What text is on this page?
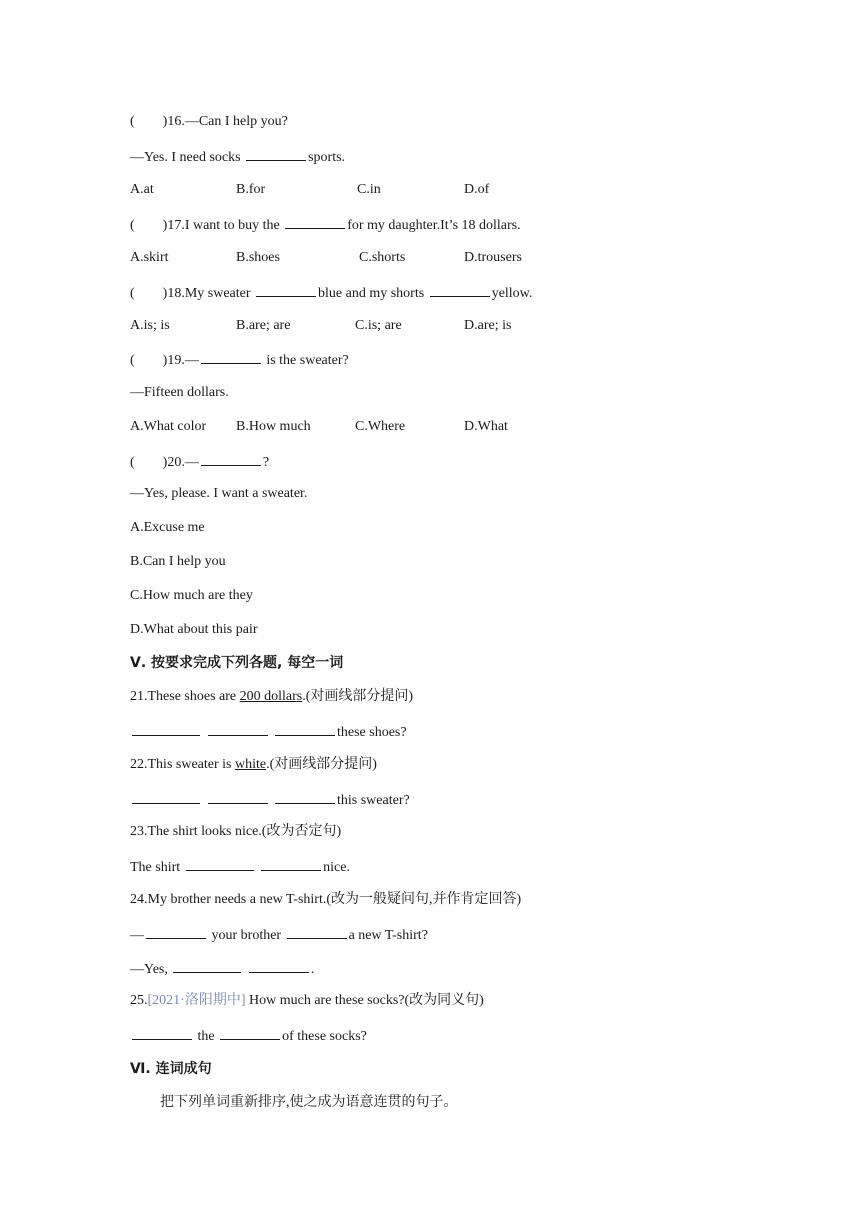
(        )16.—Can I help you?
—Yes. I need socks	sports.
A.at	B.for	C.in	D.of
(        )17.I want to buy the	for my daughter.It’s 18 dollars.
A.skirt	B.shoes	C.shorts	D.trousers
(        )18.My sweater	blue and my shorts	yellow.
A.is; is	B.are; are	C.is; are	D.are; is
(        )19.—	is the sweater?
—Fifteen dollars.
A.What color B.How much	C.Where	D.What
(        )20.—	?
—Yes, please. I want a sweater.
A.Excuse me
B.Can I help you
C.How much are they
D.What about this pair
Ⅴ. 按要求完成下列各题, 每空一词
21.These shoes are 200 dollars.(对画线部分提问)
these shoes?
22.This sweater is white.(对画线部分提问)
this sweater?
23.The shirt looks nice.(改为否定句)
The shirt	nice.
24.My brother needs a new T-shirt.(改为一般疑问句,并作肯定回答)
—	your brother	a new T-shirt?
—Yes,	.
25.[2021·洛阳期中] How much are these socks?(改为同义句)
the	of these socks?
Ⅵ. 连词成句
把下列单词重新排序,使之成为语意连贯的句子。
